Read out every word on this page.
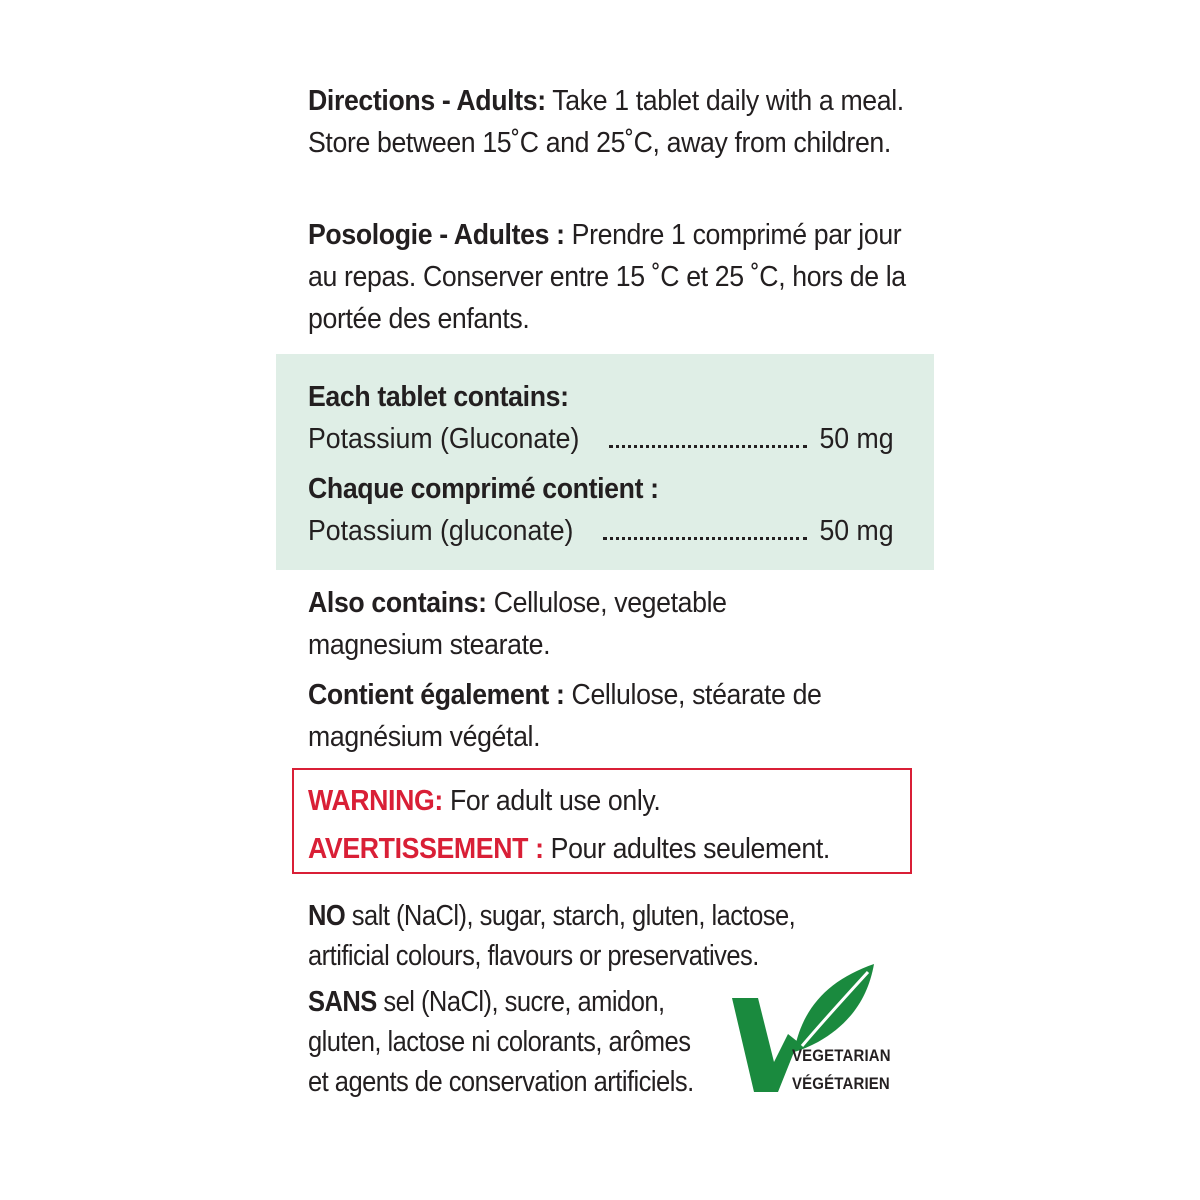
Directions - Adults: Take 1 tablet daily with a meal. Store between 15˚C and 25˚C, away from children.
Posologie - Adultes : Prendre 1 comprimé par jour au repas. Conserver entre 15 ˚C et 25 ˚C, hors de la portée des enfants.
Each tablet contains:
Potassium (Gluconate)	50 mg
Chaque comprimé contient :
Potassium (gluconate)	50 mg
Also contains: Cellulose, vegetable magnesium stearate.
Contient également : Cellulose, stéarate de magnésium végétal.
WARNING: For adult use only.
AVERTISSEMENT : Pour adultes seulement.
NO salt (NaCl), sugar, starch, gluten, lactose, artificial colours, flavours or preservatives.
SANS sel (NaCl), sucre, amidon, gluten, lactose ni colorants, arômes et agents de conservation artificiels.
VEGETARIAN
VÉGÉTARIEN
